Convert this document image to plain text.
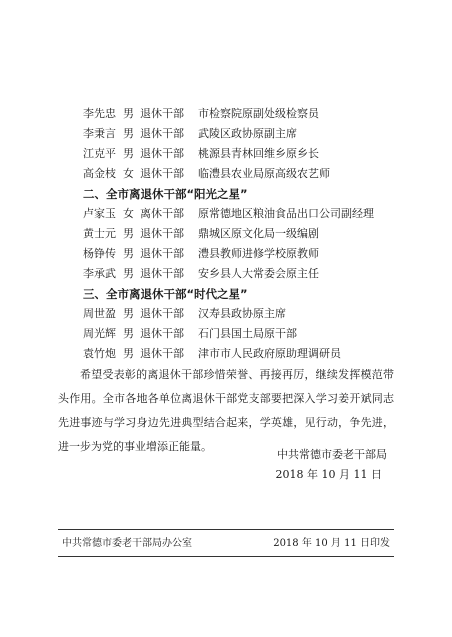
李先忠 男 退休干部 市检察院原副处级检察员
李秉言 男 退休干部 武陵区政协原副主席
江克平 男 退休干部 桃源县青林回维乡原乡长
高金枝 女 退休干部 临澧县农业局原高级农艺师
二、全市离退休干部“阳光之星”
卢家玉 女 离休干部 原常德地区粮油食品出口公司副经理
黄士元 男 退休干部 鼎城区原文化局一级编剧
杨铮传 男 退休干部 澧县教师进修学校原教师
李承武 男 退休干部 安乡县人大常委会原主任
三、全市离退休干部“时代之星”
周世盈 男 退休干部 汉寿县政协原主席
周光辉 男 退休干部 石门县国土局原干部
袁竹炮 男 退休干部 津市市人民政府原助理调研员

希望受表彰的离退休干部珍惜荣誉、再接再厉，继续发挥模范带头作用。全市各地各单位离退休干部党支部要把深入学习姜开斌同志先进事迹与学习身边先进典型结合起来，学英雄，见行动，争先进，进一步为党的事业增添正能量。

中共常德市委老干部局
2018 年 10 月 11 日
中共常德市委老干部局办公室	2018 年 10 月 11 日印发
